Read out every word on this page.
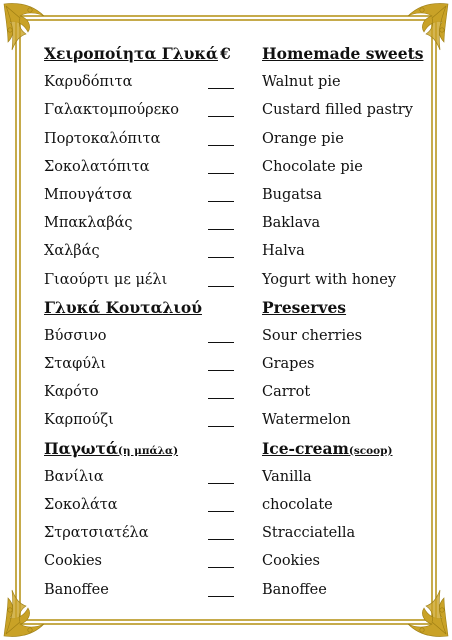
Χειροποίητα Γλυκά € Homemade sweets
Καρυδόπιτα	Walnut pie
Γαλακτομπούρεκο	Custard filled pastry
Πορτοκαλόπιτα	Orange pie
Σοκολατόπιτα	Chocolate pie
Μπουγάτσα	Bugatsa
Μπακλαβάς	Baklava
Χαλβάς	Halva
Γιαούρτι με μέλι	Yogurt with honey
Γλυκά Κουταλιού	Preserves
Βύσσινο	Sour cherries
Σταφύλι	Grapes
Καρότο	Carrot
Καρπούζι	Watermelon
Παγωτά(η μπάλα)	Ice-cream(scoop)
Βανίλια	Vanilla
Σοκολάτα	chocolate
Στρατσιατέλα	Stracciatella
Cookies	Cookies
Banoffee	Banoffee
